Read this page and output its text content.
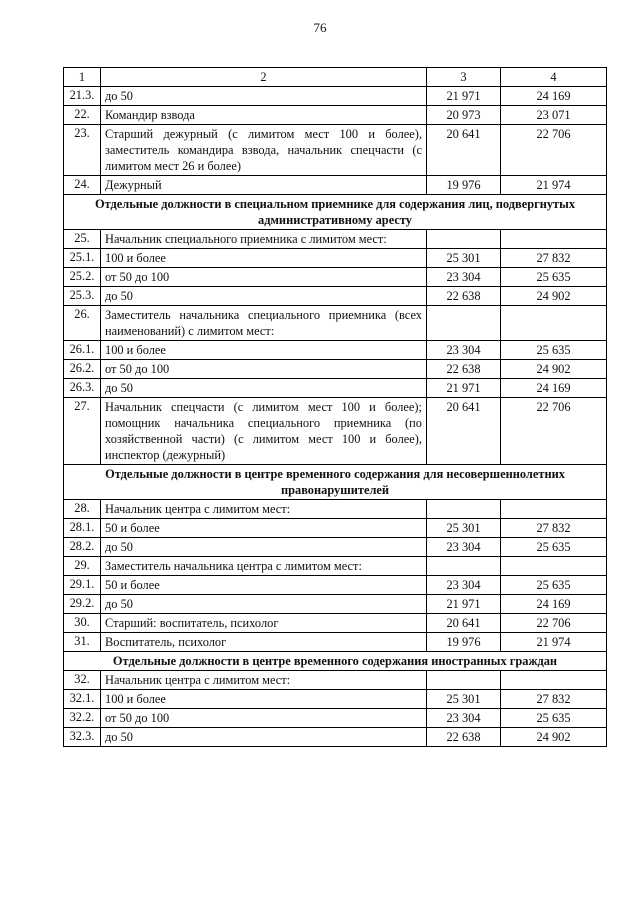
76
1	2	3	4
21.3.	до 50	21 971	24 169
22.	Командир взвода	20 973	23 071
23.	Старший дежурный (с лимитом мест 100 и более), заместитель командира взвода, начальник спецчасти (с лимитом мест 26 и более)	20 641	22 706
24.	Дежурный	19 976	21 974
Отдельные должности в специальном приемнике для содержания лиц, подвергнутых административному аресту			
25.	Начальник специального приемника с лимитом мест:		
25.1.	100 и более	25 301	27 832
25.2.	от 50 до 100	23 304	25 635
25.3.	до 50	22 638	24 902
26.	Заместитель начальника специального приемника (всех наименований) с лимитом мест:		
26.1.	100 и более	23 304	25 635
26.2.	от 50 до 100	22 638	24 902
26.3.	до 50	21 971	24 169
27.	Начальник спецчасти (с лимитом мест 100 и более); помощник начальника специального приемника (по хозяйственной части) (с лимитом мест 100 и более), инспектор (дежурный)	20 641	22 706
Отдельные должности в центре временного содержания для несовершеннолетних правонарушителей			
28.	Начальник центра с лимитом мест:		
28.1.	50 и более	25 301	27 832
28.2.	до 50	23 304	25 635
29.	Заместитель начальника центра с лимитом мест:		
29.1.	50 и более	23 304	25 635
29.2.	до 50	21 971	24 169
30.	Старший: воспитатель, психолог	20 641	22 706
31.	Воспитатель, психолог	19 976	21 974
Отдельные должности в центре временного содержания иностранных граждан			
32.	Начальник центра с лимитом мест:		
32.1.	100 и более	25 301	27 832
32.2.	от 50 до 100	23 304	25 635
32.3.	до 50	22 638	24 902
